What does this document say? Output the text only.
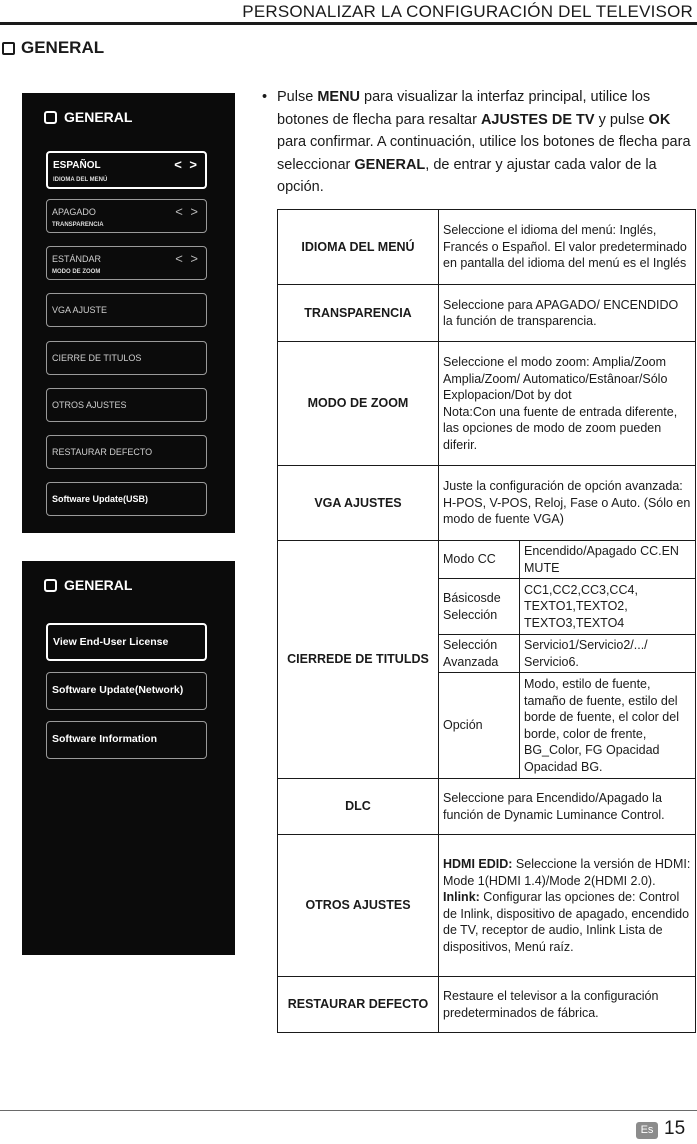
PERSONALIZAR LA CONFIGURACIÓN DEL TELEVISOR
GENERAL
GENERAL
ESPAÑOL	< >
IDIOMA DEL MENÚ
APAGADO	< >
TRANSPARENCIA
ESTÁNDAR	< >
MODO DE ZOOM
VGA AJUSTE
CIERRE DE TITULOS
OTROS AJUSTES
RESTAURAR DEFECTO
Software Update(USB)
GENERAL
View End-User License
Software Update(Network)
Software Information
• Pulse MENU para visualizar la interfaz principal, utilice los botones de flecha para resaltar AJUSTES DE TV y pulse OK para confirmar. A continuación, utilice los botones de flecha para seleccionar GENERAL, de entrar y ajustar cada valor de la opción.

IDIOMA DEL MENÚ	Seleccione el idioma del menú: Inglés, Francés o Español. El valor predeterminado en pantalla del idioma del menú es el Inglés	
TRANSPARENCIA	Seleccione para APAGADO/ ENCENDIDO la función de transparencia.	
MODO DE ZOOM	Seleccione el modo zoom: Amplia/Zoom Amplia/Zoom/ Automatico/Estânoar/Sólo Explopacion/Dot by dot
Nota:Con una fuente de entrada diferente, las opciones de modo de zoom pueden diferir.	
VGA AJUSTES	Juste la configuración de opción avanzada: H-POS, V-POS, Reloj, Fase o Auto. (Sólo en modo de fuente VGA)	
CIERREDE DE TITULDS	Modo CC	Encendido/Apagado CC.EN MUTE
	Básicosde Selección	CC1,CC2,CC3,CC4, TEXTO1,TEXTO2, TEXTO3,TEXTO4
	Selección Avanzada	Servicio1/Servicio2/.../ Servicio6.
	Opción	Modo, estilo de fuente, tamaño de fuente, estilo del borde de fuente, el color del borde, color de frente, BG_Color, FG Opacidad Opacidad BG.
DLC	Seleccione para Encendido/Apagado la función de Dynamic Luminance Control.	
OTROS AJUSTES	HDMI EDID: Seleccione la versión de HDMI: Mode 1(HDMI 1.4)/Mode 2(HDMI 2.0).
Inlink: Configurar las opciones de: Control de Inlink, dispositivo de apagado, encendido de TV, receptor de audio, Inlink Lista de dispositivos, Menú raíz.	
RESTAURAR DEFECTO	Restaure el televisor a la configuración predeterminados de fábrica.	
Es 15
